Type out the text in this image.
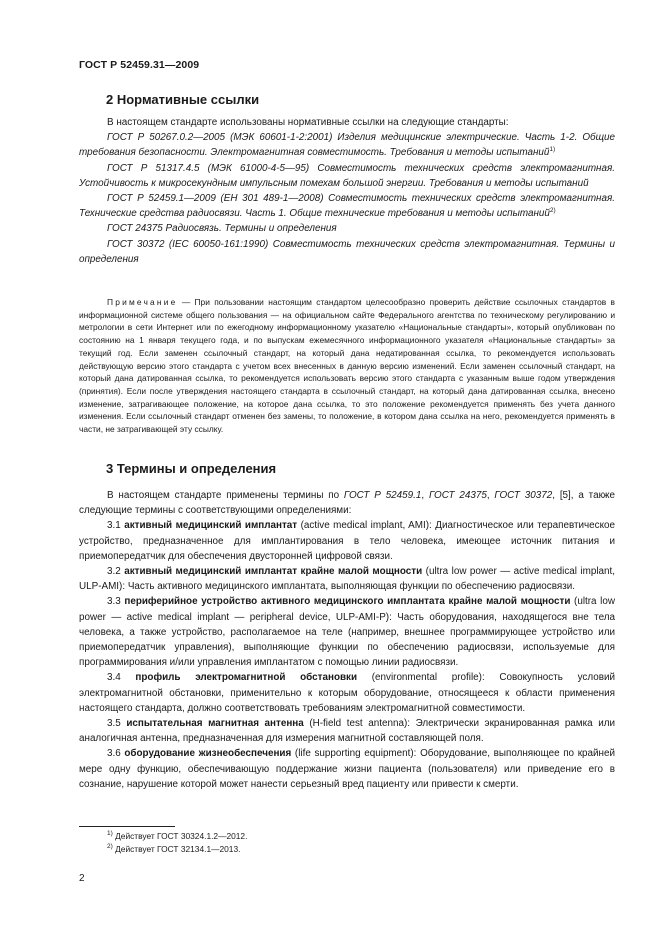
ГОСТ Р 52459.31—2009
2 Нормативные ссылки

В настоящем стандарте использованы нормативные ссылки на следующие стандарты:

ГОСТ Р 50267.0.2—2005 (МЭК 60601-1-2:2001) Изделия медицинские электрические. Часть 1-2. Общие требования безопасности. Электромагнитная совместимость. Требования и методы испытаний$^{1)}$

ГОСТ Р 51317.4.5 (МЭК 61000-4-5—95) Совместимость технических средств электромагнитная. Устойчивость к микросекундным импульсным помехам большой энергии. Требования и методы испытаний

ГОСТ Р 52459.1—2009 (ЕН 301 489-1—2008) Совместимость технических средств электромагнитная. Технические средства радиосвязи. Часть 1. Общие технические требования и методы испытаний$^{2)}$

ГОСТ 24375 Радиосвязь. Термины и определения

ГОСТ 30372 (IEC 60050-161:1990) Совместимость технических средств электромагнитная. Термины и определения

Примечание — При пользовании настоящим стандартом целесообразно проверить действие ссылочных стандартов в информационной системе общего пользования — на официальном сайте Федерального агентства по техническому регулированию и метрологии в сети Интернет или по ежегодному информационному указателю «Национальные стандарты», который опубликован по состоянию на 1 января текущего года, и по выпускам ежемесячного информационного указателя «Национальные стандарты» за текущий год. Если заменен ссылочный стандарт, на который дана недатированная ссылка, то рекомендуется использовать действующую версию этого стандарта с учетом всех внесенных в данную версию изменений. Если заменен ссылочный стандарт, на который дана датированная ссылка, то рекомендуется использовать версию этого стандарта с указанным выше годом утверждения (принятия). Если после утверждения настоящего стандарта в ссылочный стандарт, на который дана датированная ссылка, внесено изменение, затрагивающее положение, на которое дана ссылка, то это положение рекомендуется применять без учета данного изменения. Если ссылочный стандарт отменен без замены, то положение, в котором дана ссылка на него, рекомендуется применять в части, не затрагивающей эту ссылку.

3 Термины и определения

В настоящем стандарте применены термины по ГОСТ Р 52459.1, ГОСТ 24375, ГОСТ 30372, [5], а также следующие термины с соответствующими определениями:

3.1 активный медицинский имплантат (active medical implant, AMI): Диагностическое или терапевтическое устройство, предназначенное для имплантирования в тело человека, имеющее источник питания и приемопередатчик для обеспечения двусторонней цифровой связи.

3.2 активный медицинский имплантат крайне малой мощности (ultra low power — active medical implant, ULP-AMI): Часть активного медицинского имплантата, выполняющая функции по обеспечению радиосвязи.

3.3 периферийное устройство активного медицинского имплантата крайне малой мощности (ultra low power — active medical implant — peripheral device, ULP-AMI-P): Часть оборудования, находящегося вне тела человека, а также устройство, располагаемое на теле (например, внешнее программирующее устройство или приемопередатчик управления), выполняющие функции по обеспечению радиосвязи, используемые для программирования и/или управления имплантатом с помощью линии радиосвязи.

3.4 профиль электромагнитной обстановки (environmental profile): Совокупность условий электромагнитной обстановки, применительно к которым оборудование, относящееся к области применения настоящего стандарта, должно соответствовать требованиям электромагнитной совместимости.

3.5 испытательная магнитная антенна (H-field test antenna): Электрически экранированная рамка или аналогичная антенна, предназначенная для измерения магнитной составляющей поля.

3.6 оборудование жизнеобеспечения (life supporting equipment): Оборудование, выполняющее по крайней мере одну функцию, обеспечивающую поддержание жизни пациента (пользователя) или приведение его в сознание, нарушение которой может нанести серьезный вред пациенту или привести к смерти.

$^{1)}$ Действует ГОСТ 30324.1.2—2012.

$^{2)}$ Действует ГОСТ 32134.1—2013.

2
